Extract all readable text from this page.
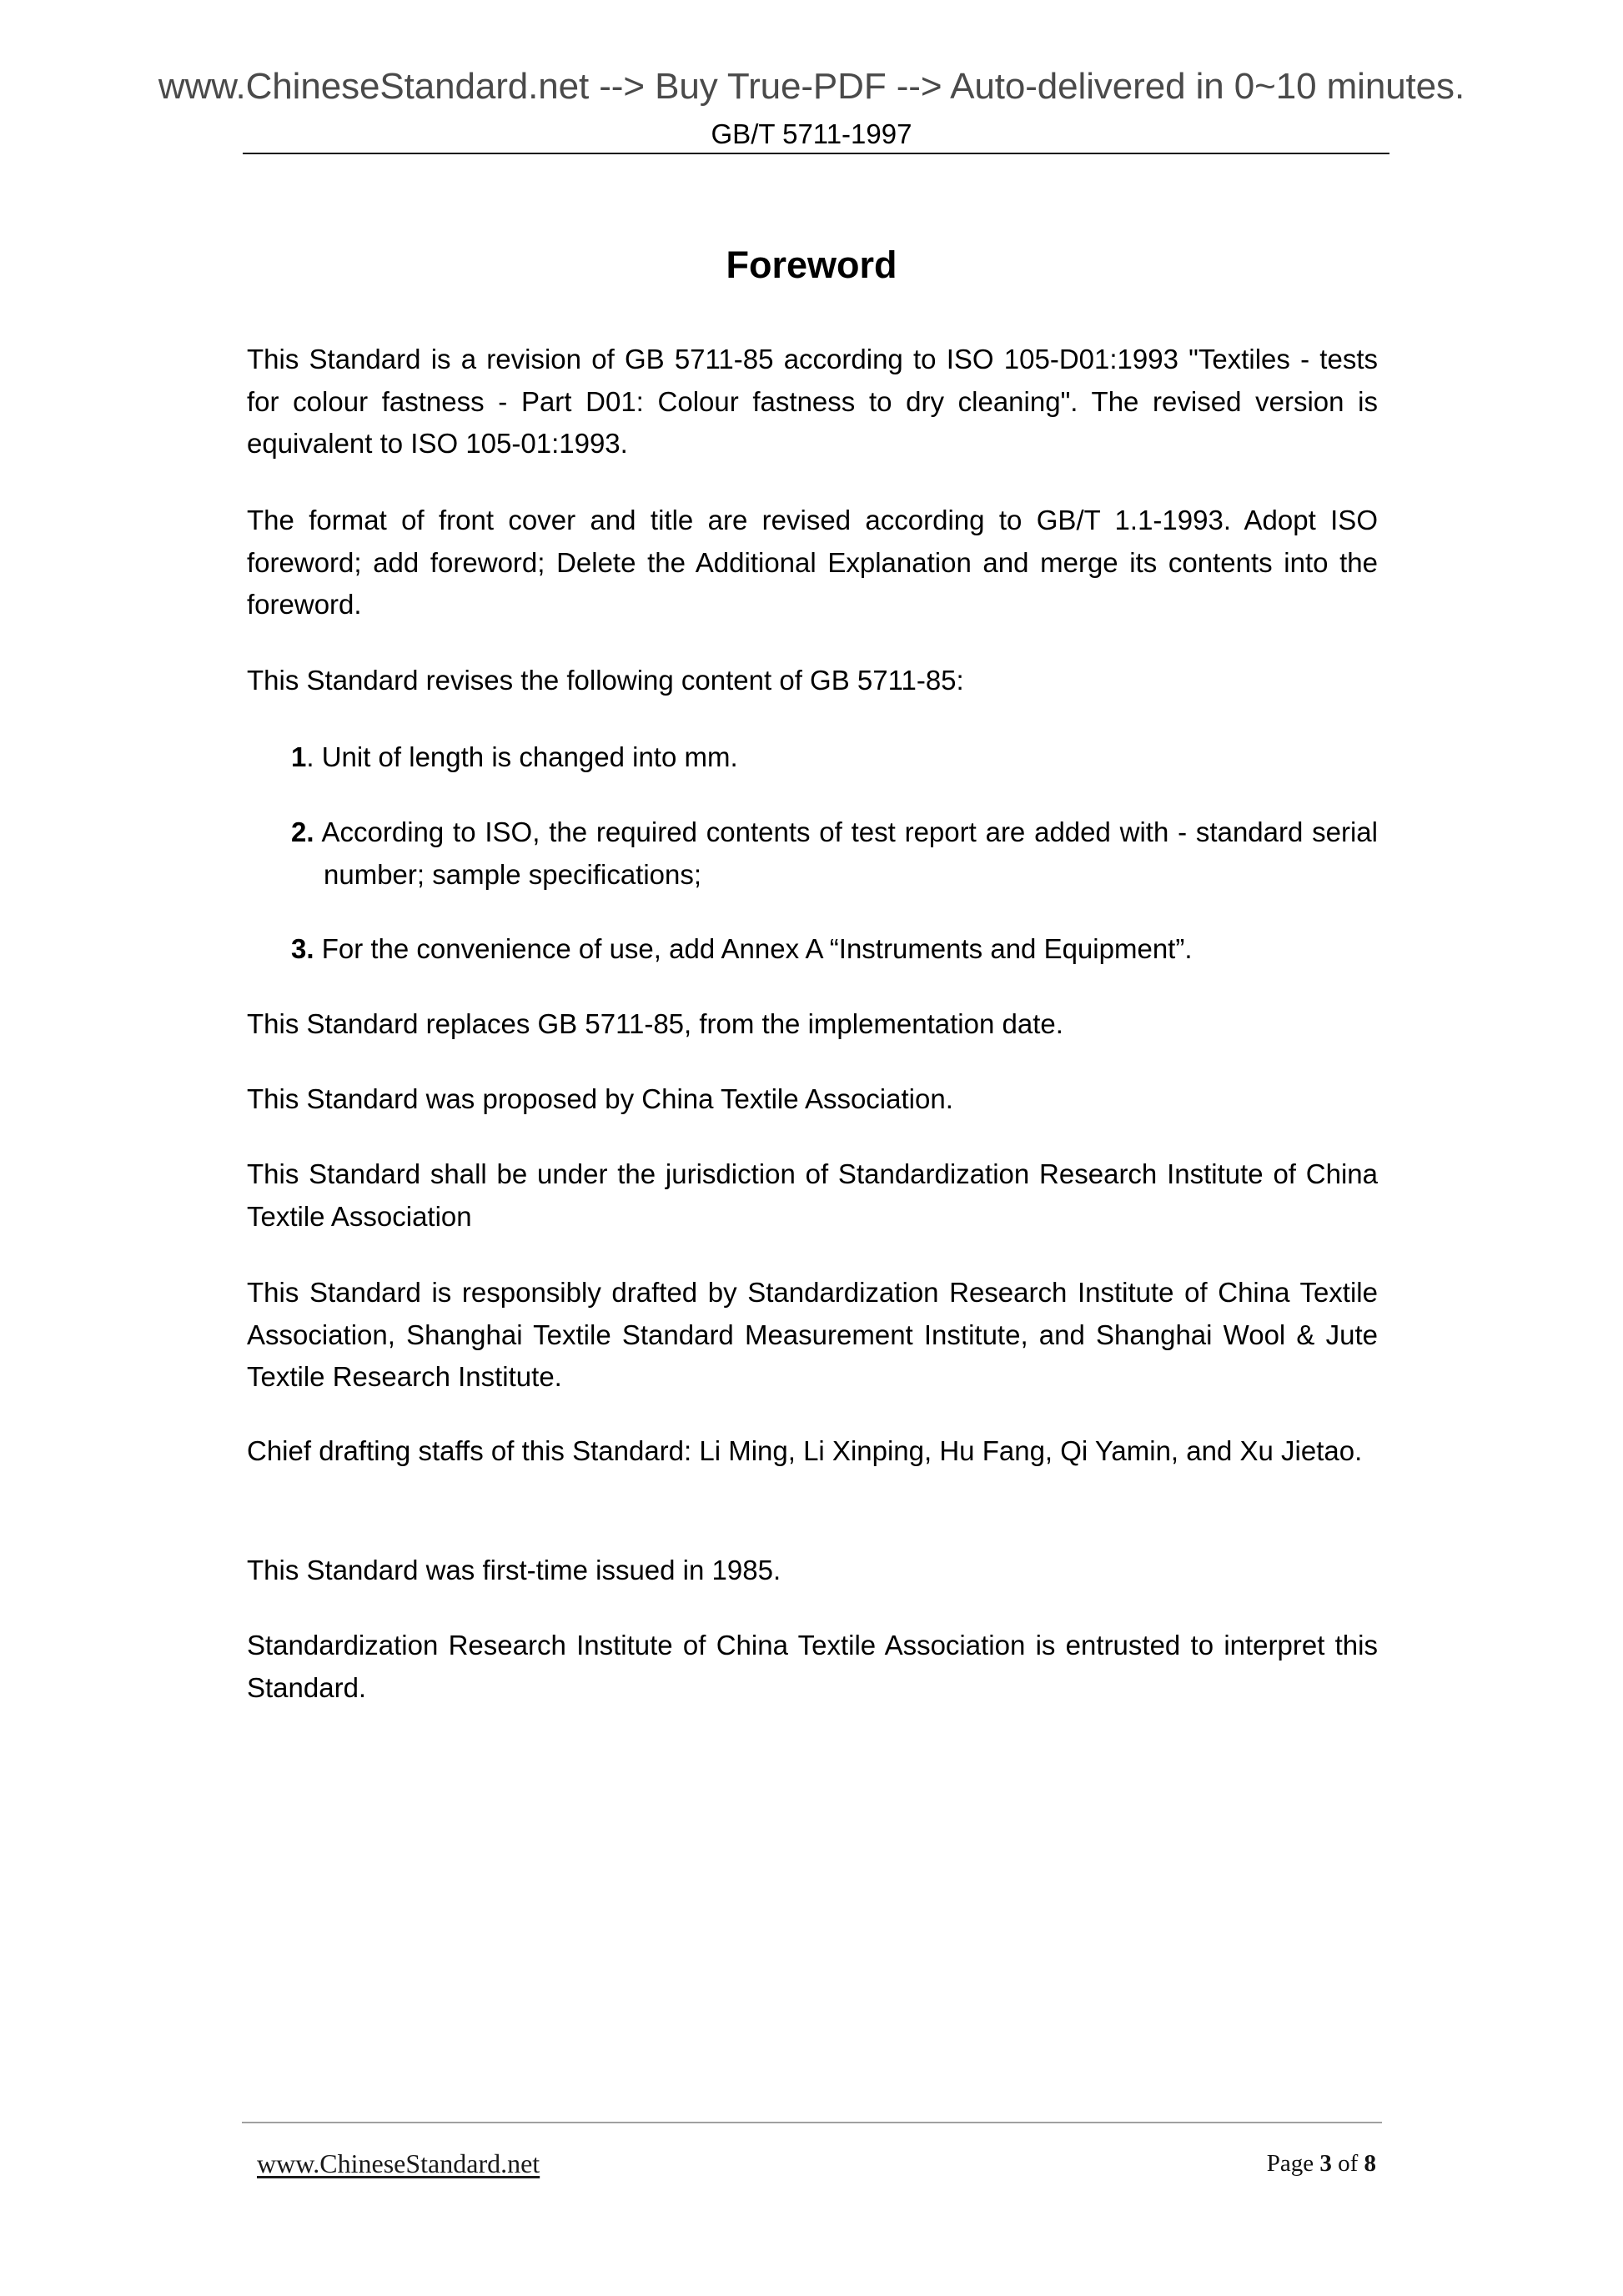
www.ChineseStandard.net --> Buy True-PDF --> Auto-delivered in 0~10 minutes.
GB/T 5711-1997
Foreword

This Standard is a revision of GB 5711-85 according to ISO 105-D01:1993 "Textiles - tests for colour fastness - Part D01: Colour fastness to dry cleaning". The revised version is equivalent to ISO 105-01:1993.

The format of front cover and title are revised according to GB/T 1.1-1993. Adopt ISO foreword; add foreword; Delete the Additional Explanation and merge its contents into the foreword.

This Standard revises the following content of GB 5711-85:

1. Unit of length is changed into mm.

2. According to ISO, the required contents of test report are added with - standard serial number; sample specifications;

3. For the convenience of use, add Annex A “Instruments and Equipment”.

This Standard replaces GB 5711-85, from the implementation date.

This Standard was proposed by China Textile Association.

This Standard shall be under the jurisdiction of Standardization Research Institute of China Textile Association

This Standard is responsibly drafted by Standardization Research Institute of China Textile Association, Shanghai Textile Standard Measurement Institute, and Shanghai Wool & Jute Textile Research Institute.

Chief drafting staffs of this Standard: Li Ming, Li Xinping, Hu Fang, Qi Yamin, and Xu Jietao.

This Standard was first-time issued in 1985.

Standardization Research Institute of China Textile Association is entrusted to interpret this Standard.

www.ChineseStandard.net	Page 3 of 8
